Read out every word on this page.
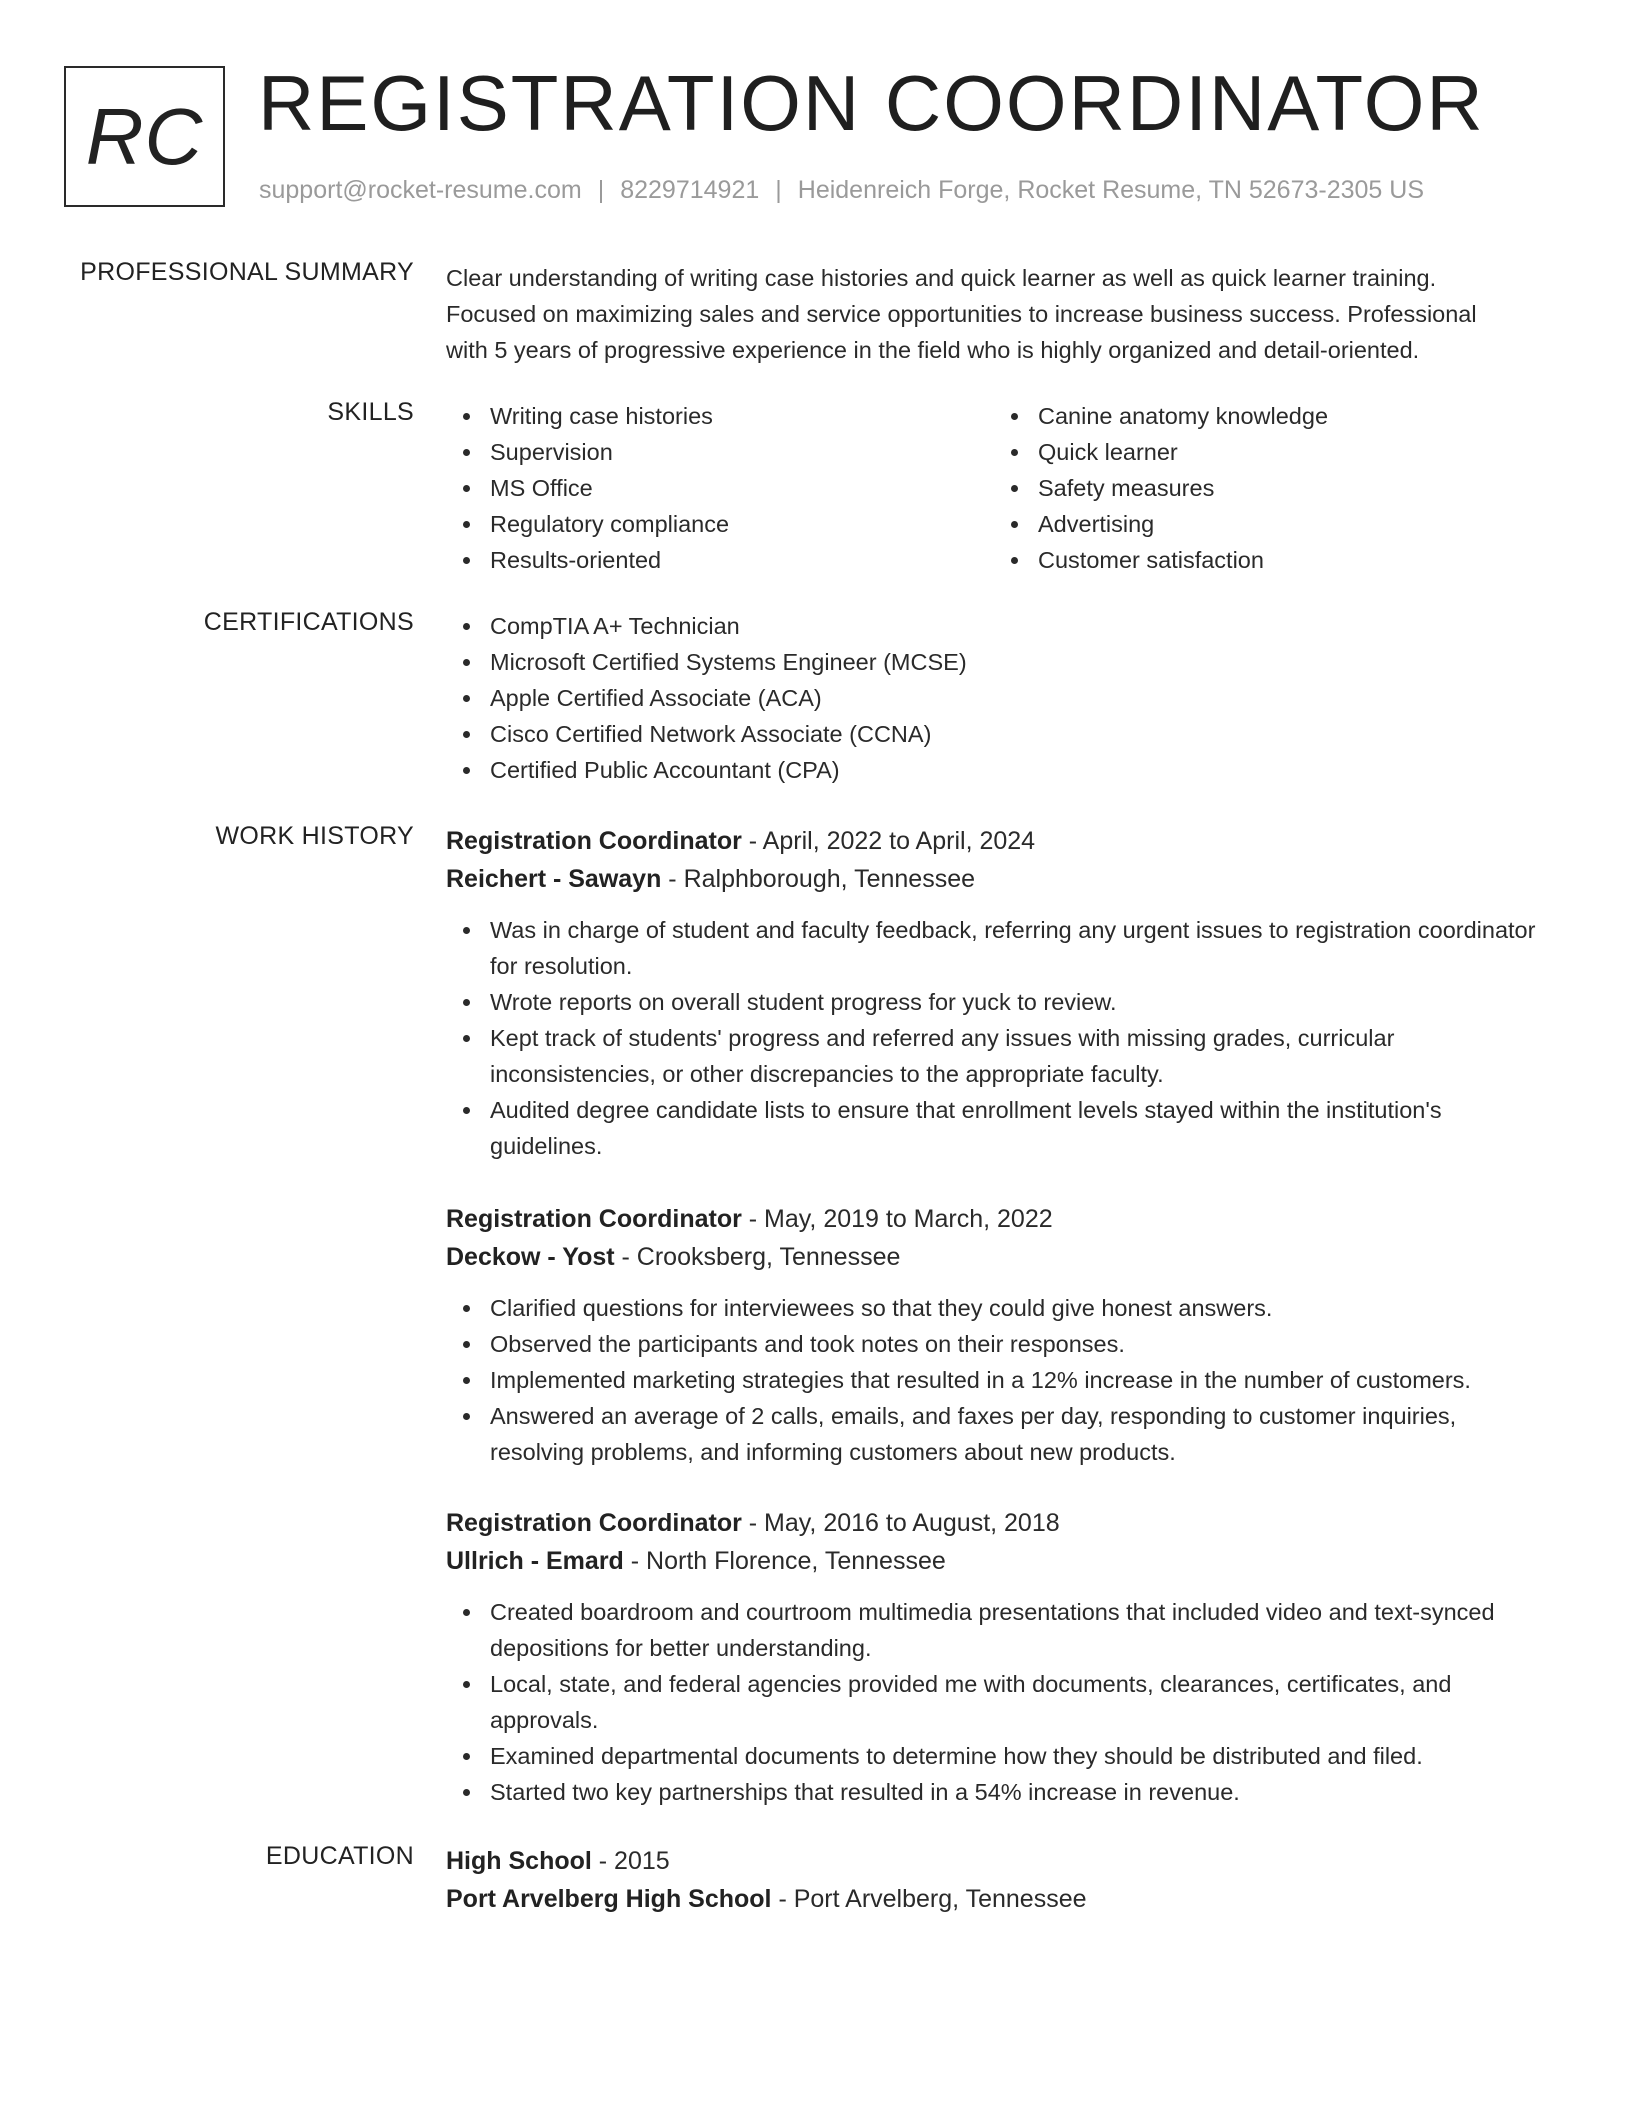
RC REGISTRATION COORDINATOR
support@rocket-resume.com | 8229714921 | Heidenreich Forge, Rocket Resume, TN 52673-2305 US
PROFESSIONAL SUMMARY Clear understanding of writing case histories and quick learner as well as quick learner training.
Focused on maximizing sales and service opportunities to increase business success. Professional
with 5 years of progressive experience in the field who is highly organized and detail-oriented.
SKILLS	Writing case histories
Supervision
MS Office
Regulatory compliance
Results-oriented
Canine anatomy knowledge
Quick learner
Safety measures
Advertising
Customer satisfaction
CERTIFICATIONS	CompTIA A+ Technician
Microsoft Certified Systems Engineer (MCSE)
Apple Certified Associate (ACA)
Cisco Certified Network Associate (CCNA)
Certified Public Accountant (CPA)
WORK HISTORY Registration Coordinator - April, 2022 to April, 2024
Reichert - Sawayn - Ralphborough, Tennessee
Was in charge of student and faculty feedback, referring any urgent issues to registration coordinator for resolution.
Wrote reports on overall student progress for yuck to review.
Kept track of students' progress and referred any issues with missing grades, curricular inconsistencies, or other discrepancies to the appropriate faculty.
Audited degree candidate lists to ensure that enrollment levels stayed within the institution's guidelines.
Registration Coordinator - May, 2019 to March, 2022
Deckow - Yost - Crooksberg, Tennessee
Clarified questions for interviewees so that they could give honest answers.
Observed the participants and took notes on their responses.
Implemented marketing strategies that resulted in a 12% increase in the number of customers.
Answered an average of 2 calls, emails, and faxes per day, responding to customer inquiries, resolving problems, and informing customers about new products.
Registration Coordinator - May, 2016 to August, 2018
Ullrich - Emard - North Florence, Tennessee
Created boardroom and courtroom multimedia presentations that included video and text-synced depositions for better understanding.
Local, state, and federal agencies provided me with documents, clearances, certificates, and approvals.
Examined departmental documents to determine how they should be distributed and filed.
Started two key partnerships that resulted in a 54% increase in revenue.
EDUCATION High School - 2015
Port Arvelberg High School - Port Arvelberg, Tennessee
